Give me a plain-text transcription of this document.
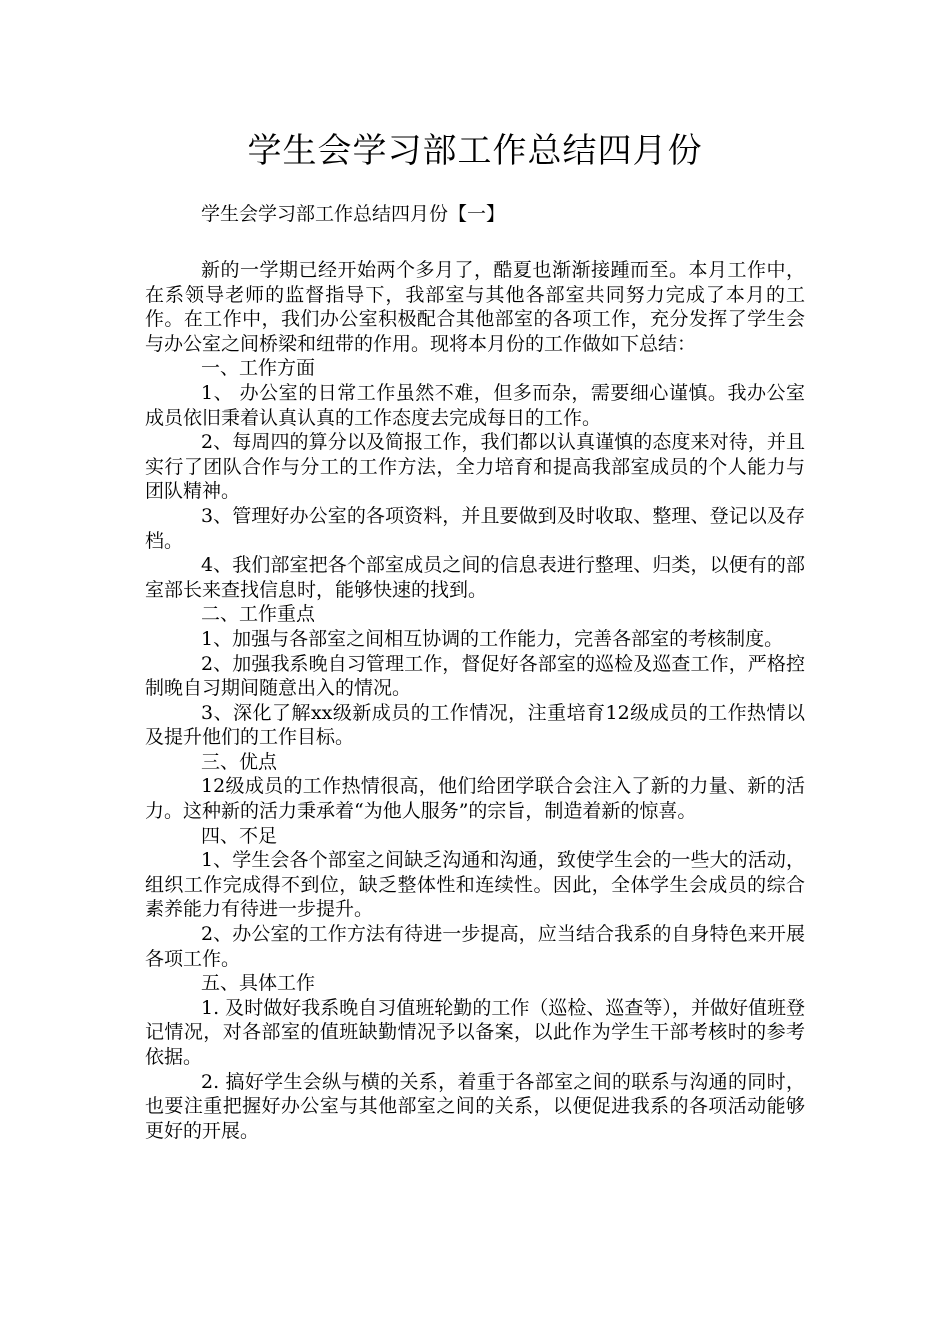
学生会学习部工作总结四月份

学生会学习部工作总结四月份【一】

新的一学期已经开始两个多月了，酷夏也渐渐接踵而至。本月工作中，在系领导老师的监督指导下，我部室与其他各部室共同努力完成了本月的工作。在工作中，我们办公室积极配合其他部室的各项工作，充分发挥了学生会与办公室之间桥梁和纽带的作用。现将本月份的工作做如下总结：

一、工作方面

1、 办公室的日常工作虽然不难，但多而杂，需要细心谨慎。我办公室成员依旧秉着认真认真的工作态度去完成每日的工作。

2、每周四的算分以及简报工作，我们都以认真谨慎的态度来对待，并且实行了团队合作与分工的工作方法，全力培育和提高我部室成员的个人能力与团队精神。

3、管理好办公室的各项资料，并且要做到及时收取、整理、登记以及存档。

4、我们部室把各个部室成员之间的信息表进行整理、归类，以便有的部室部长来查找信息时，能够快速的找到。

二、工作重点

1、加强与各部室之间相互协调的工作能力，完善各部室的考核制度。

2、加强我系晚自习管理工作，督促好各部室的巡检及巡查工作，严格控制晚自习期间随意出入的情况。

3、深化了解xx级新成员的工作情况，注重培育12级成员的工作热情以及提升他们的工作目标。

三、优点

12级成员的工作热情很高，他们给团学联合会注入了新的力量、新的活力。这种新的活力秉承着“为他人服务”的宗旨，制造着新的惊喜。

四、不足

1、学生会各个部室之间缺乏沟通和沟通，致使学生会的一些大的活动，组织工作完成得不到位，缺乏整体性和连续性。因此，全体学生会成员的综合素养能力有待进一步提升。

2、办公室的工作方法有待进一步提高，应当结合我系的自身特色来开展各项工作。

五、具体工作

1. 及时做好我系晚自习值班轮勤的工作（巡检、巡查等），并做好值班登记情况，对各部室的值班缺勤情况予以备案，以此作为学生干部考核时的参考依据。

2. 搞好学生会纵与横的关系，着重于各部室之间的联系与沟通的同时，也要注重把握好办公室与其他部室之间的关系，以便促进我系的各项活动能够更好的开展。
